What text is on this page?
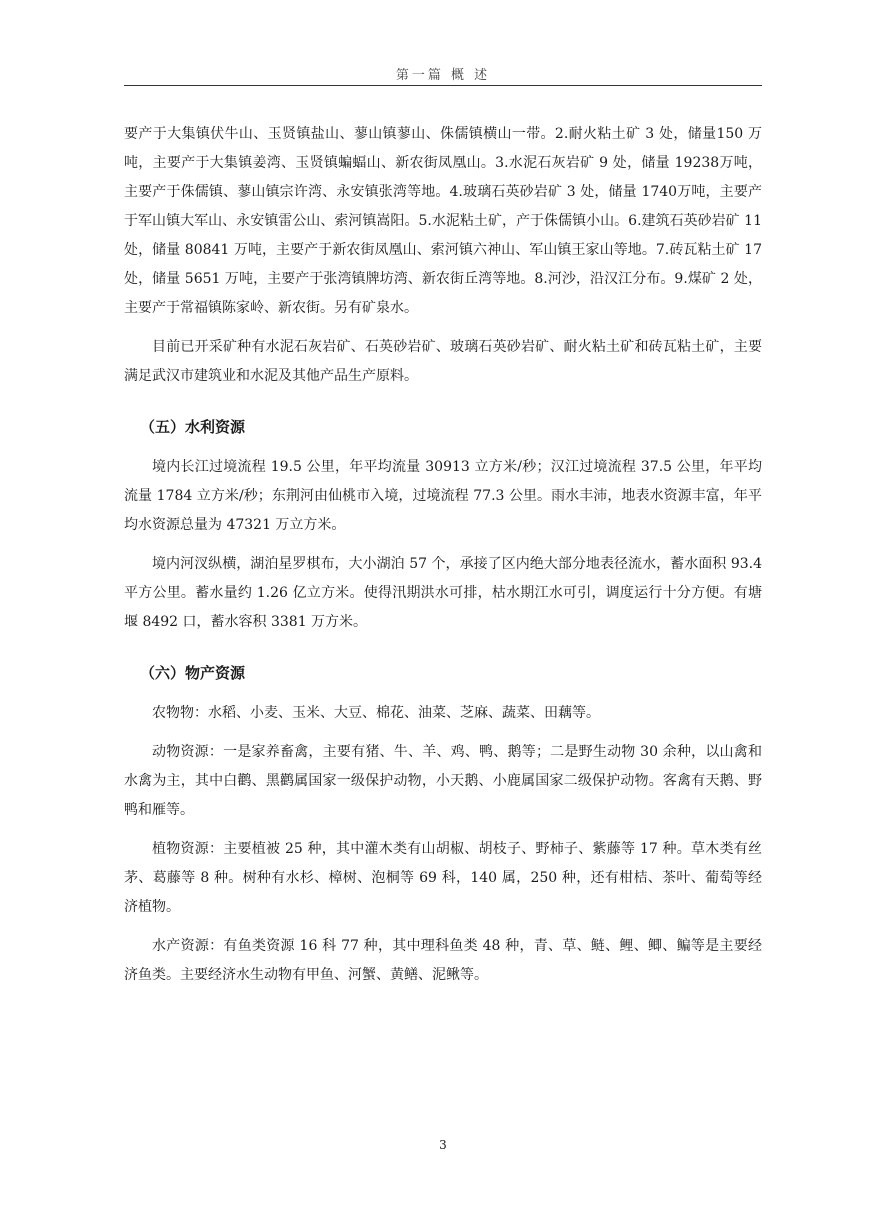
第一篇 概 述

要产于大集镇伏牛山、玉贤镇盐山、蓼山镇蓼山、侏儒镇横山一带。2.耐火粘土矿 3 处，储量150 万吨，主要产于大集镇姜湾、玉贤镇蝙蝠山、新农街凤凰山。3.水泥石灰岩矿 9 处，储量 19238万吨，主要产于侏儒镇、蓼山镇宗许湾、永安镇张湾等地。4.玻璃石英砂岩矿 3 处，储量 1740万吨，主要产于军山镇大军山、永安镇雷公山、索河镇嵩阳。5.水泥粘土矿，产于侏儒镇小山。6.建筑石英砂岩矿 11 处，储量 80841 万吨，主要产于新农街凤凰山、索河镇六神山、军山镇王家山等地。7.砖瓦粘土矿 17 处，储量 5651 万吨，主要产于张湾镇牌坊湾、新农街丘湾等地。8.河沙，沿汉江分布。9.煤矿 2 处，主要产于常福镇陈家岭、新农街。另有矿泉水。

目前已开采矿种有水泥石灰岩矿、石英砂岩矿、玻璃石英砂岩矿、耐火粘土矿和砖瓦粘土矿，主要满足武汉市建筑业和水泥及其他产品生产原料。

（五）水利资源

境内长江过境流程 19.5 公里，年平均流量 30913 立方米/秒；汉江过境流程 37.5 公里，年平均流量 1784 立方米/秒；东荆河由仙桃市入境，过境流程 77.3 公里。雨水丰沛，地表水资源丰富，年平均水资源总量为 47321 万立方米。

境内河汊纵横，湖泊星罗棋布，大小湖泊 57 个，承接了区内绝大部分地表径流水，蓄水面积 93.4 平方公里。蓄水量约 1.26 亿立方米。使得汛期洪水可排，枯水期江水可引，调度运行十分方便。有塘堰 8492 口，蓄水容积 3381 万方米。

（六）物产资源

农物物：水稻、小麦、玉米、大豆、棉花、油菜、芝麻、蔬菜、田藕等。

动物资源：一是家养畜禽，主要有猪、牛、羊、鸡、鸭、鹅等；二是野生动物 30 余种，以山禽和水禽为主，其中白鹳、黑鹳属国家一级保护动物，小天鹅、小鹿属国家二级保护动物。客禽有天鹅、野鸭和雁等。

植物资源：主要植被 25 种，其中灌木类有山胡椒、胡枝子、野柿子、紫藤等 17 种。草木类有丝茅、葛藤等 8 种。树种有水杉、樟树、泡桐等 69 科，140 属，250 种，还有柑桔、茶叶、葡萄等经济植物。

水产资源：有鱼类资源 16 科 77 种，其中理科鱼类 48 种，青、草、鲢、鲤、鲫、鳊等是主要经济鱼类。主要经济水生动物有甲鱼、河蟹、黄鳝、泥鳅等。

3
